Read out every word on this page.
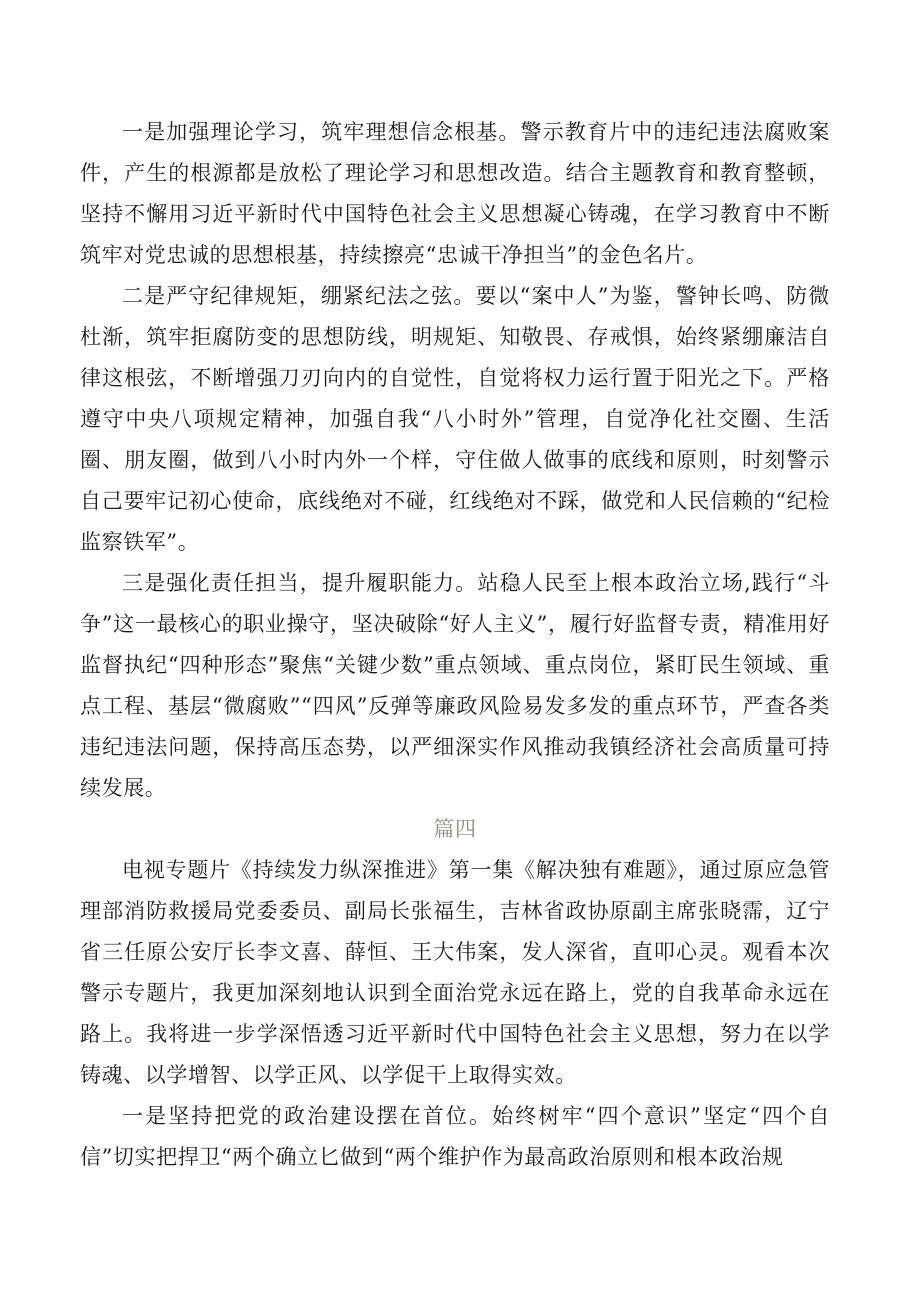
一是加强理论学习，筑牢理想信念根基。警示教育片中的违纪违法腐败案件，产生的根源都是放松了理论学习和思想改造。结合主题教育和教育整顿，坚持不懈用习近平新时代中国特色社会主义思想凝心铸魂，在学习教育中不断筑牢对党忠诚的思想根基，持续擦亮“忠诚干净担当”的金色名片。

二是严守纪律规矩，绷紧纪法之弦。要以“案中人”为鉴，警钟长鸣、防微杜渐，筑牢拒腐防变的思想防线，明规矩、知敬畏、存戒惧，始终紧绷廉洁自律这根弦，不断增强刀刃向内的自觉性，自觉将权力运行置于阳光之下。严格遵守中央八项规定精神，加强自我“八小时外”管理，自觉净化社交圈、生活圈、朋友圈，做到八小时内外一个样，守住做人做事的底线和原则，时刻警示自己要牢记初心使命，底线绝对不碰，红线绝对不踩，做党和人民信赖的“纪检监察铁军”。

三是强化责任担当，提升履职能力。站稳人民至上根本政治立场,践行“斗争”这一最核心的职业操守，坚决破除“好人主义”，履行好监督专责，精准用好监督执纪“四种形态”聚焦“关键少数”重点领域、重点岗位，紧盯民生领域、重点工程、基层“微腐败”“四风”反弹等廉政风险易发多发的重点环节，严查各类违纪违法问题，保持高压态势，以严细深实作风推动我镇经济社会高质量可持续发展。

篇四

电视专题片《持续发力纵深推进》第一集《解决独有难题》，通过原应急管理部消防救援局党委委员、副局长张福生，吉林省政协原副主席张晓霈，辽宁省三任原公安厅长李文喜、薛恒、王大伟案，发人深省，直叩心灵。观看本次警示专题片，我更加深刻地认识到全面治党永远在路上，党的自我革命永远在路上。我将进一步学深悟透习近平新时代中国特色社会主义思想，努力在以学铸魂、以学增智、以学正风、以学促干上取得实效。

一是坚持把党的政治建设摆在首位。始终树牢“四个意识”坚定“四个自信”切实把捍卫“两个确立匕做到“两个维护作为最高政治原则和根本政治规
